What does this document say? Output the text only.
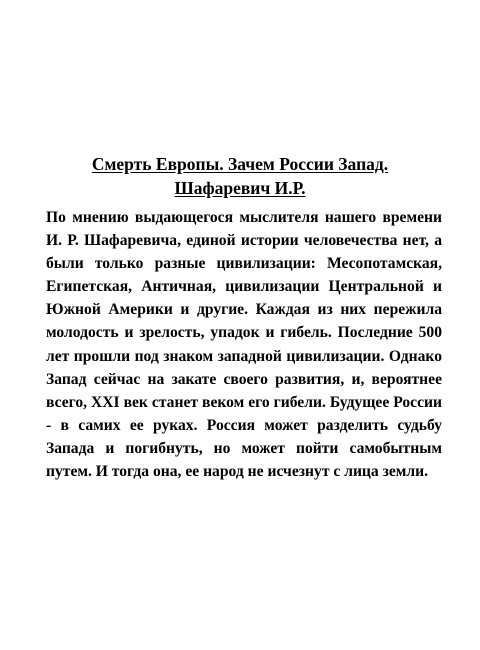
Смерть Европы. Зачем России Запад.
Шафаревич И.Р.

По мнению выдающегося мыслителя нашего времени И. Р. Шафаревича, единой истории человечества нет, а были только разные цивилизации: Месопотамская, Египетская, Античная, цивилизации Центральной и Южной Америки и другие. Каждая из них пережила молодость и зрелость, упадок и гибель. Последние 500 лет прошли под знаком западной цивилизации. Однако Запад сейчас на закате своего развития, и, вероятнее всего, XXI век станет веком его гибели. Будущее России - в самих ее руках. Россия может разделить судьбу Запада и погибнуть, но может пойти самобытным путем. И тогда она, ее народ не исчезнут с лица земли.
